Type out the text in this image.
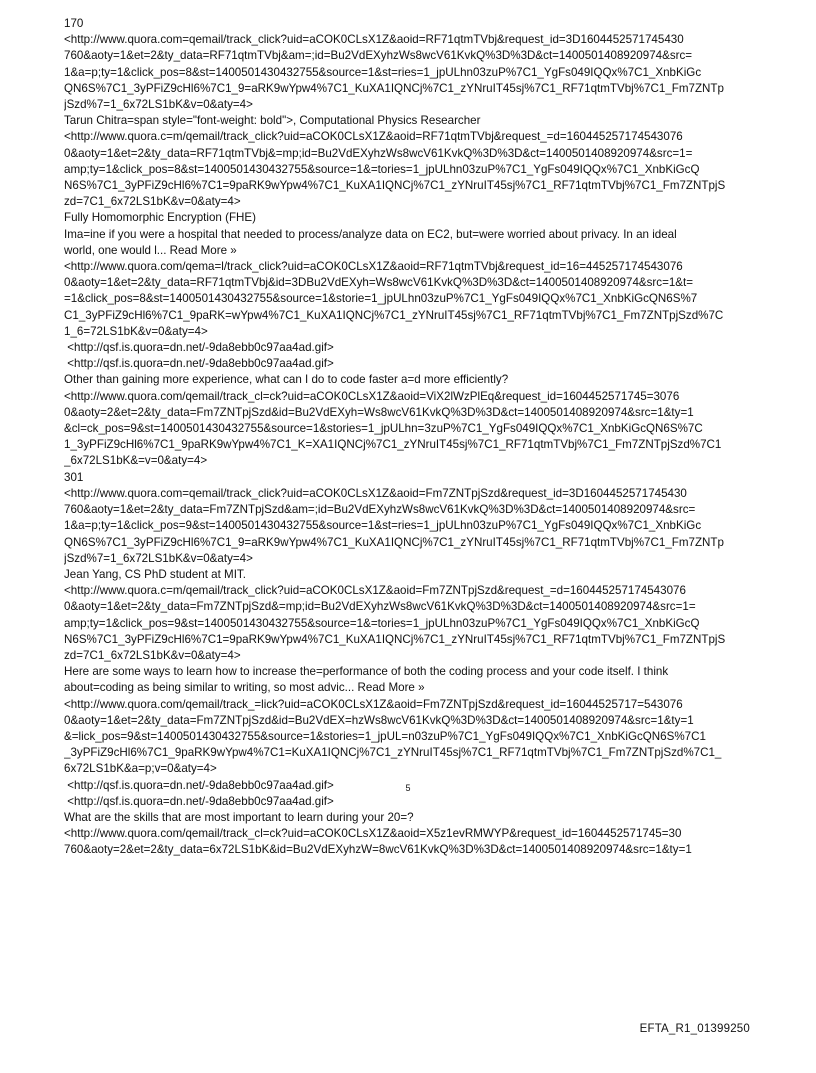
170
<http://www.quora.com=qemail/track_click?uid=aCOK0CLsX1Z&aoid=RF71qtmTVbj&request_id=3D1604452571745430
760&aoty=1&et=2&ty_data=RF71qtmTVbj&am=;id=Bu2VdEXyhzWs8wcV61KvkQ%3D%3D&ct=1400501408920974&src=
1&a=p;ty=1&click_pos=8&st=1400501430432755&source=1&st=ries=1_jpULhn03zuP%7C1_YgFs049IQQx%7C1_XnbKiGc
QN6S%7C1_3yPFiZ9cHl6%7C1_9=aRK9wYpw4%7C1_KuXA1IQNCj%7C1_zYNruIT45sj%7C1_RF71qtmTVbj%7C1_Fm7ZNTp
jSzd%7=1_6x72LS1bK&v=0&aty=4>
Tarun Chitra=span style="font-weight: bold">, Computational Physics Researcher
<http://www.quora.c=m/qemail/track_click?uid=aCOK0CLsX1Z&aoid=RF71qtmTVbj&request_=d=160445257174543076
0&aoty=1&et=2&ty_data=RF71qtmTVbj&=mp;id=Bu2VdEXyhzWs8wcV61KvkQ%3D%3D&ct=1400501408920974&src=1=
amp;ty=1&click_pos=8&st=1400501430432755&source=1&=tories=1_jpULhn03zuP%7C1_YgFs049IQQx%7C1_XnbKiGcQ
N6S%7C1_3yPFiZ9cHl6%7C1=9paRK9wYpw4%7C1_KuXA1IQNCj%7C1_zYNruIT45sj%7C1_RF71qtmTVbj%7C1_Fm7ZNTpjS
zd=7C1_6x72LS1bK&v=0&aty=4>
Fully Homomorphic Encryption (FHE)
Ima=ine if you were a hospital that needed to process/analyze data on EC2, but=were worried about privacy. In an ideal
world, one would l... Read More »
<http://www.quora.com/qema=l/track_click?uid=aCOK0CLsX1Z&aoid=RF71qtmTVbj&request_id=16=445257174543076
0&aoty=1&et=2&ty_data=RF71qtmTVbj&id=3DBu2VdEXyh=Ws8wcV61KvkQ%3D%3D&ct=1400501408920974&src=1&t=
=1&click_pos=8&st=1400501430432755&source=1&storie=1_jpULhn03zuP%7C1_YgFs049IQQx%7C1_XnbKiGcQN6S%7
C1_3yPFiZ9cHl6%7C1_9paRK=wYpw4%7C1_KuXA1IQNCj%7C1_zYNruIT45sj%7C1_RF71qtmTVbj%7C1_Fm7ZNTpjSzd%7C
1_6=72LS1bK&v=0&aty=4>
<http://qsf.is.quora=dn.net/-9da8ebb0c97aa4ad.gif>
<http://qsf.is.quora=dn.net/-9da8ebb0c97aa4ad.gif>
Other than gaining more experience, what can I do to code faster a=d more efficiently?
<http://www.quora.com/qemail/track_cl=ck?uid=aCOK0CLsX1Z&aoid=ViX2lWzPlEq&request_id=1604452571745=3076
0&aoty=2&et=2&ty_data=Fm7ZNTpjSzd&id=Bu2VdEXyh=Ws8wcV61KvkQ%3D%3D&ct=1400501408920974&src=1&ty=1
&cl=ck_pos=9&st=1400501430432755&source=1&stories=1_jpULhn=3zuP%7C1_YgFs049IQQx%7C1_XnbKiGcQN6S%7C
1_3yPFiZ9cHl6%7C1_9paRK9wYpw4%7C1_K=XA1IQNCj%7C1_zYNruIT45sj%7C1_RF71qtmTVbj%7C1_Fm7ZNTpjSzd%7C1
_6x72LS1bK&=v=0&aty=4>
301
<http://www.quora.com=qemail/track_click?uid=aCOK0CLsX1Z&aoid=Fm7ZNTpjSzd&request_id=3D1604452571745430
760&aoty=1&et=2&ty_data=Fm7ZNTpjSzd&am=;id=Bu2VdEXyhzWs8wcV61KvkQ%3D%3D&ct=1400501408920974&src=
1&a=p;ty=1&click_pos=9&st=1400501430432755&source=1&st=ries=1_jpULhn03zuP%7C1_YgFs049IQQx%7C1_XnbKiGc
QN6S%7C1_3yPFiZ9cHl6%7C1_9=aRK9wYpw4%7C1_KuXA1IQNCj%7C1_zYNruIT45sj%7C1_RF71qtmTVbj%7C1_Fm7ZNTp
jSzd%7=1_6x72LS1bK&v=0&aty=4>
Jean Yang, CS PhD student at MIT.
<http://www.quora.c=m/qemail/track_click?uid=aCOK0CLsX1Z&aoid=Fm7ZNTpjSzd&request_=d=160445257174543076
0&aoty=1&et=2&ty_data=Fm7ZNTpjSzd&=mp;id=Bu2VdEXyhzWs8wcV61KvkQ%3D%3D&ct=1400501408920974&src=1=
amp;ty=1&click_pos=9&st=1400501430432755&source=1&=tories=1_jpULhn03zuP%7C1_YgFs049IQQx%7C1_XnbKiGcQ
N6S%7C1_3yPFiZ9cHl6%7C1=9paRK9wYpw4%7C1_KuXA1IQNCj%7C1_zYNruIT45sj%7C1_RF71qtmTVbj%7C1_Fm7ZNTpjS
zd=7C1_6x72LS1bK&v=0&aty=4>
Here are some ways to learn how to increase the=performance of both the coding process and your code itself. I think
about=coding as being similar to writing, so most advic... Read More »
<http://www.quora.com/qemail/track_=lick?uid=aCOK0CLsX1Z&aoid=Fm7ZNTpjSzd&request_id=16044525717=543076
0&aoty=1&et=2&ty_data=Fm7ZNTpjSzd&id=Bu2VdEX=hzWs8wcV61KvkQ%3D%3D&ct=1400501408920974&src=1&ty=1
&=lick_pos=9&st=1400501430432755&source=1&stories=1_jpUL=n03zuP%7C1_YgFs049IQQx%7C1_XnbKiGcQN6S%7C1
_3yPFiZ9cHl6%7C1_9paRK9wYpw4%7C1=KuXA1IQNCj%7C1_zYNruIT45sj%7C1_RF71qtmTVbj%7C1_Fm7ZNTpjSzd%7C1_
6x72LS1bK&a=p;v=0&aty=4>
<http://qsf.is.quora=dn.net/-9da8ebb0c97aa4ad.gif>
<http://qsf.is.quora=dn.net/-9da8ebb0c97aa4ad.gif>
What are the skills that are most important to learn during your 20=?
<http://www.quora.com/qemail/track_cl=ck?uid=aCOK0CLsX1Z&aoid=X5z1evRMWYP&request_id=1604452571745=30
760&aoty=2&et=2&ty_data=6x72LS1bK&id=Bu2VdEXyhzW=8wcV61KvkQ%3D%3D&ct=1400501408920974&src=1&ty=1
5
EFTA_R1_01399250
